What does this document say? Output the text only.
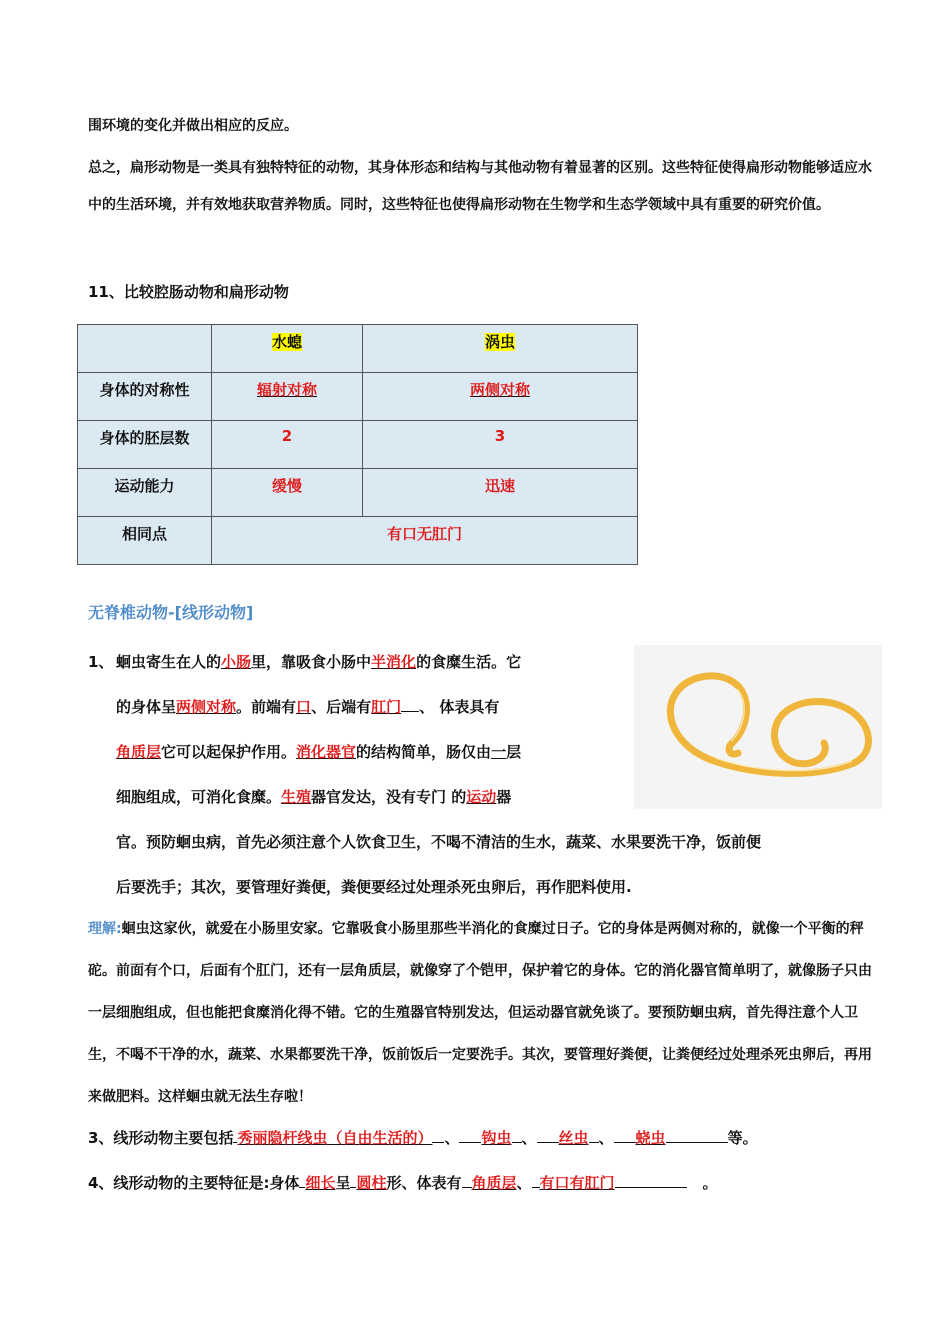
围环境的变化并做出相应的反应。
总之，扁形动物是一类具有独特特征的动物，其身体形态和结构与其他动物有着显著的区别。这些特征使得扁形动物能够适应水中的生活环境，并有效地获取营养物质。同时，这些特征也使得扁形动物在生物学和生态学领域中具有重要的研究价值。
11、比较腔肠动物和扁形动物
	水螅	涡虫
身体的对称性	辐射对称	两侧对称
身体的胚层数	2	3
运动能力	缓慢	迅速
相同点	有口无肛门	
无脊椎动物-[线形动物]
1、 蛔虫寄生在人的小肠里，靠吸食小肠中半消化的食糜生活。它
的身体呈两侧对称。前端有口、后端有肛门 、 体表具有
角质层它可以起保护作用。消化器官的结构简单，肠仅由一层
细胞组成，可消化食糜。生殖器官发达，没有专门 的运动器
官。预防蛔虫病，首先必须注意个人饮食卫生，不喝不清洁的生水，蔬菜、水果要洗干净，饭前便
后要洗手；其次，要管理好粪便，粪便要经过处理杀死虫卵后，再作肥料使用.
理解:蛔虫这家伙，就爱在小肠里安家。它靠吸食小肠里那些半消化的食糜过日子。它的身体是两侧对称的，就像一个平衡的秤砣。前面有个口，后面有个肛门，还有一层角质层，就像穿了个铠甲，保护着它的身体。它的消化器官简单明了，就像肠子只由一层细胞组成，但也能把食糜消化得不错。它的生殖器官特别发达，但运动器官就免谈了。要预防蛔虫病，首先得注意个人卫生，不喝不干净的水，蔬菜、水果都要洗干净，饭前饭后一定要洗手。其次，要管理好粪便，让粪便经过处理杀死虫卵后，再用来做肥料。这样蛔虫就无法生存啦！
3、线形动物主要包括 秀丽隐杆线虫（自由生活的） 、 钩虫 、 丝虫 、 蛲虫	等。
4、线形动物的主要特征是:身体 细长呈 圆柱形、体表有 角质层、 有口有肛门	。
